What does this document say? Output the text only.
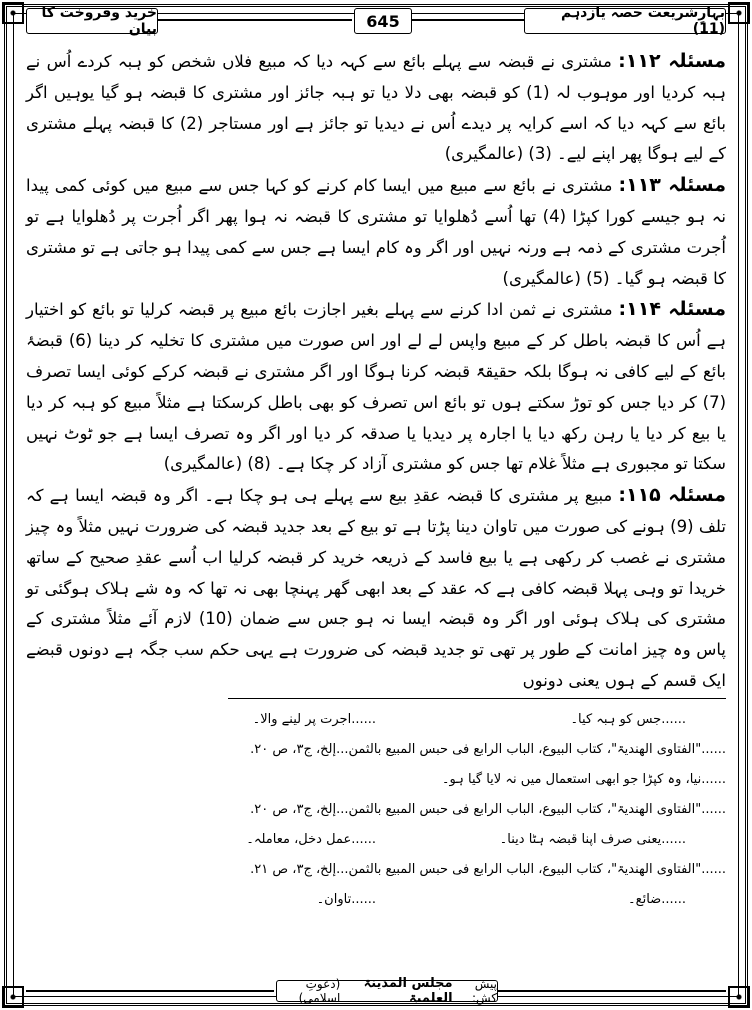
بہارِشریعت حصہ یازدہم (11)
645
خرید وفروخت کا بیان

مسئلہ ۱۱۲: مشتری نے قبضہ سے پہلے بائع سے کہہ دیا کہ مبیع فلاں شخص کو ہبہ کردے اُس نے ہبہ کردیا اور موہوب لہ (1) کو قبضہ بھی دلا دیا تو ہبہ جائز اور مشتری کا قبضہ ہو گیا یوہیں اگر بائع سے کہہ دیا کہ اسے کرایہ پر دیدے اُس نے دیدیا تو جائز ہے اور مستاجر (2) کا قبضہ پہلے مشتری کے لیے ہوگا پھر اپنے لیے۔ (3) (عالمگیری)

مسئلہ ۱۱۳: مشتری نے بائع سے مبیع میں ایسا کام کرنے کو کہا جس سے مبیع میں کوئی کمی پیدا نہ ہو جیسے کورا کپڑا (4) تھا اُسے دُھلوایا تو مشتری کا قبضہ نہ ہوا پھر اگر اُجرت پر دُھلوایا ہے تو اُجرت مشتری کے ذمہ ہے ورنہ نہیں اور اگر وہ کام ایسا ہے جس سے کمی پیدا ہو جاتی ہے تو مشتری کا قبضہ ہو گیا۔ (5) (عالمگیری)

مسئلہ ۱۱۴: مشتری نے ثمن ادا کرنے سے پہلے بغیر اجازت بائع مبیع پر قبضہ کرلیا تو بائع کو اختیار ہے اُس کا قبضہ باطل کر کے مبیع واپس لے لے اور اس صورت میں مشتری کا تخلیہ کر دینا (6) قبضۂ بائع کے لیے کافی نہ ہوگا بلکہ حقیقۃً قبضہ کرنا ہوگا اور اگر مشتری نے قبضہ کرکے کوئی ایسا تصرف (7) کر دیا جس کو توڑ سکتے ہوں تو بائع اس تصرف کو بھی باطل کرسکتا ہے مثلاً مبیع کو ہبہ کر دیا یا بیع کر دیا یا رہن رکھ دیا یا اجارہ پر دیدیا یا صدقہ کر دیا اور اگر وہ تصرف ایسا ہے جو ٹوٹ نہیں سکتا تو مجبوری ہے مثلاً غلام تھا جس کو مشتری آزاد کر چکا ہے۔ (8) (عالمگیری)

مسئلہ ۱۱۵: مبیع پر مشتری کا قبضہ عقدِ بیع سے پہلے ہی ہو چکا ہے۔ اگر وہ قبضہ ایسا ہے کہ تلف (9) ہونے کی صورت میں تاوان دینا پڑتا ہے تو بیع کے بعد جدید قبضہ کی ضرورت نہیں مثلاً وہ چیز مشتری نے غصب کر رکھی ہے یا بیع فاسد کے ذریعہ خرید کر قبضہ کرلیا اب اُسے عقدِ صحیح کے ساتھ خریدا تو وہی پہلا قبضہ کافی ہے کہ عقد کے بعد ابھی گھر پہنچا بھی نہ تھا کہ وہ شے ہلاک ہوگئی تو مشتری کی ہلاک ہوئی اور اگر وہ قبضہ ایسا نہ ہو جس سے ضمان (10) لازم آئے مثلاً مشتری کے پاس وہ چیز امانت کے طور پر تھی تو جدید قبضہ کی ضرورت ہے یہی حکم سب جگہ ہے دونوں قبضے ایک قسم کے ہوں یعنی دونوں

......جس کو ہبہ کیا۔
......اجرت پر لینے والا۔
......"الفتاوی الھندیۃ"، کتاب البیوع، الباب الرابع فی حبس المبیع بالثمن...إلخ، ج۳، ص ۲۰.
......نیا، وہ کپڑا جو ابھی استعمال میں نہ لایا گیا ہو۔
......"الفتاوی الھندیۃ"، کتاب البیوع، الباب الرابع فی حبس المبیع بالثمن...إلخ، ج۳، ص ۲۰.
......یعنی صرف اپنا قبضہ ہٹا دینا۔
......عمل دخل، معاملہ۔
......"الفتاوی الھندیۃ"، کتاب البیوع، الباب الرابع فی حبس المبیع بالثمن...إلخ، ج۳، ص ۲۱.
......ضائع۔
......تاوان۔
پیش کش:
مجلس المدینۃ العلمیۃ
(دعوتِ اسلامی)
